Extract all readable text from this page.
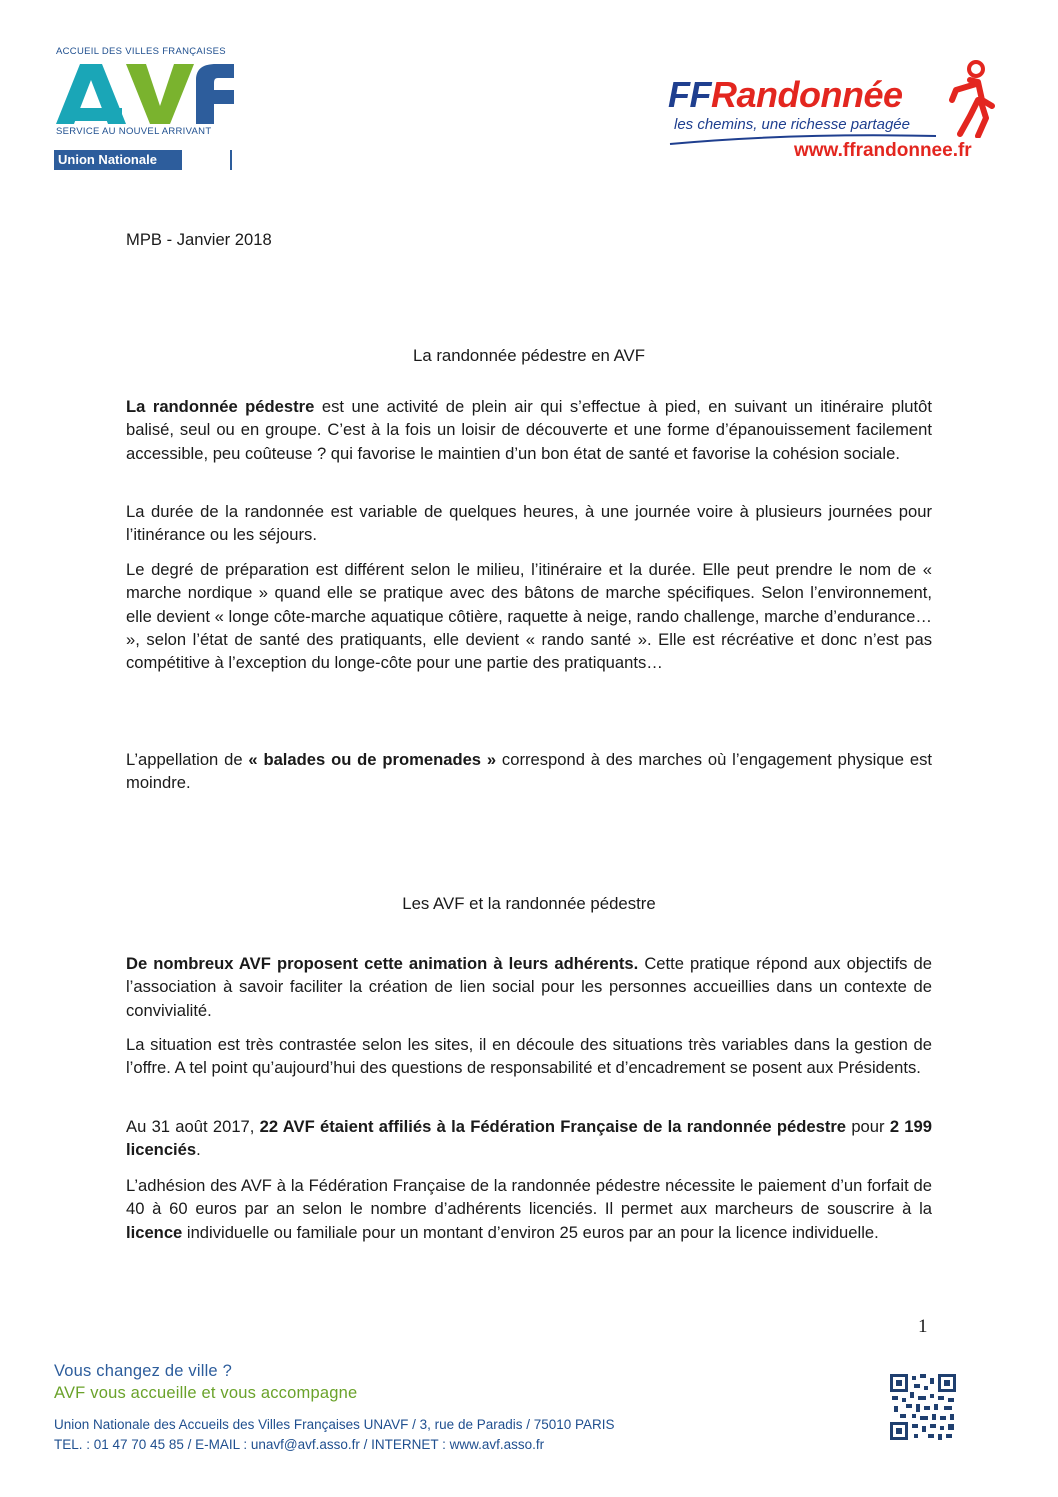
ACCUEIL DES VILLES FRANÇAISES
SERVICE AU NOUVEL ARRIVANT
Union Nationale
FFRandonnée
les chemins, une richesse partagée
www.ffrandonnee.fr
MPB - Janvier 2018
La randonnée pédestre en AVF

La randonnée pédestre est une activité de plein air qui s’effectue à pied, en suivant un itinéraire plutôt balisé, seul ou en groupe. C’est à la fois un loisir de découverte et une forme d’épanouissement facilement accessible, peu coûteuse ? qui favorise le maintien d’un bon état de santé et favorise la cohésion sociale.

La durée de la randonnée est variable de quelques heures, à une journée voire à plusieurs journées pour l’itinérance ou les séjours.

Le degré de préparation est différent selon le milieu, l’itinéraire et la durée. Elle peut prendre le nom de « marche nordique » quand elle se pratique avec des bâtons de marche spécifiques. Selon l’environnement, elle devient « longe côte-marche aquatique côtière, raquette à neige, rando challenge, marche d’endurance… », selon l’état de santé des pratiquants, elle devient « rando santé ». Elle est récréative et donc n’est pas compétitive à l’exception du longe-côte pour une partie des pratiquants…

L’appellation de « balades ou de promenades » correspond à des marches où l’engagement physique est moindre.

Les AVF et la randonnée pédestre

De nombreux AVF proposent cette animation à leurs adhérents. Cette pratique répond aux objectifs de l’association à savoir faciliter la création de lien social pour les personnes accueillies dans un contexte de convivialité.

La situation est très contrastée selon les sites, il en découle des situations très variables dans la gestion de l’offre. A tel point qu’aujourd’hui des questions de responsabilité et d’encadrement se posent aux Présidents.

Au 31 août 2017, 22 AVF étaient affiliés à la Fédération Française de la randonnée pédestre pour 2 199 licenciés.

L’adhésion des AVF à la Fédération Française de la randonnée pédestre nécessite le paiement d’un forfait de 40 à 60 euros par an selon le nombre d’adhérents licenciés. Il permet aux marcheurs de souscrire à la licence individuelle ou familiale pour un montant d’environ 25 euros par an pour la licence individuelle.

1
Vous changez de ville ?
AVF vous accueille et vous accompagne
Union Nationale des Accueils des Villes Françaises UNAVF / 3, rue de Paradis / 75010 PARIS
TEL. : 01 47 70 45 85 / E-MAIL : unavf@avf.asso.fr / INTERNET : www.avf.asso.fr
